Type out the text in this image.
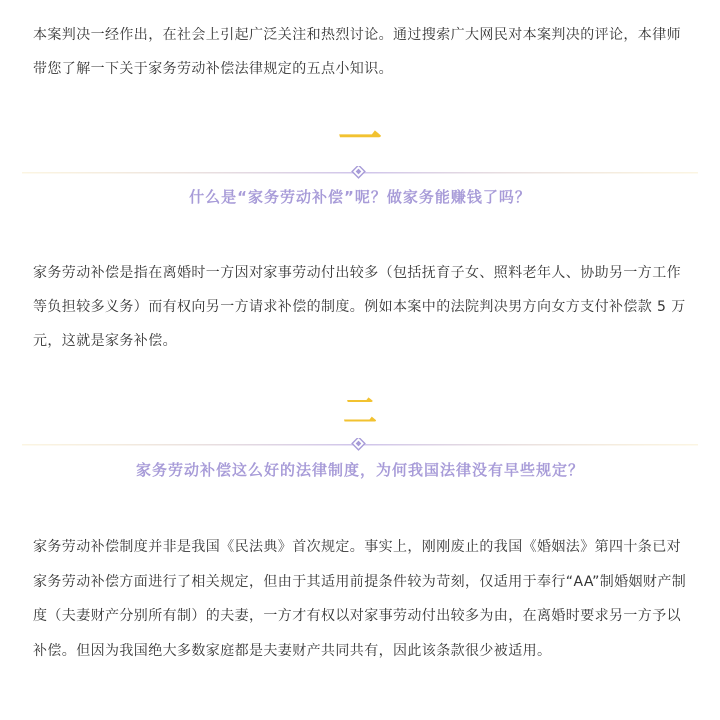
本案判决一经作出，在社会上引起广泛关注和热烈讨论。通过搜索广大网民对本案判决的评论，本律师带您了解一下关于家务劳动补偿法律规定的五点小知识。

一
什么是“家务劳动补偿”呢？做家务能赚钱了吗？

家务劳动补偿是指在离婚时一方因对家事劳动付出较多（包括抚育子女、照料老年人、协助另一方工作等负担较多义务）而有权向另一方请求补偿的制度。例如本案中的法院判决男方向女方支付补偿款 5 万元，这就是家务补偿。

二
家务劳动补偿这么好的法律制度，为何我国法律没有早些规定？

家务劳动补偿制度并非是我国《民法典》首次规定。事实上，刚刚废止的我国《婚姻法》第四十条已对家务劳动补偿方面进行了相关规定，但由于其适用前提条件较为苛刻，仅适用于奉行“AA”制婚姻财产制度（夫妻财产分别所有制）的夫妻，一方才有权以对家事劳动付出较多为由，在离婚时要求另一方予以补偿。但因为我国绝大多数家庭都是夫妻财产共同共有，因此该条款很少被适用。
